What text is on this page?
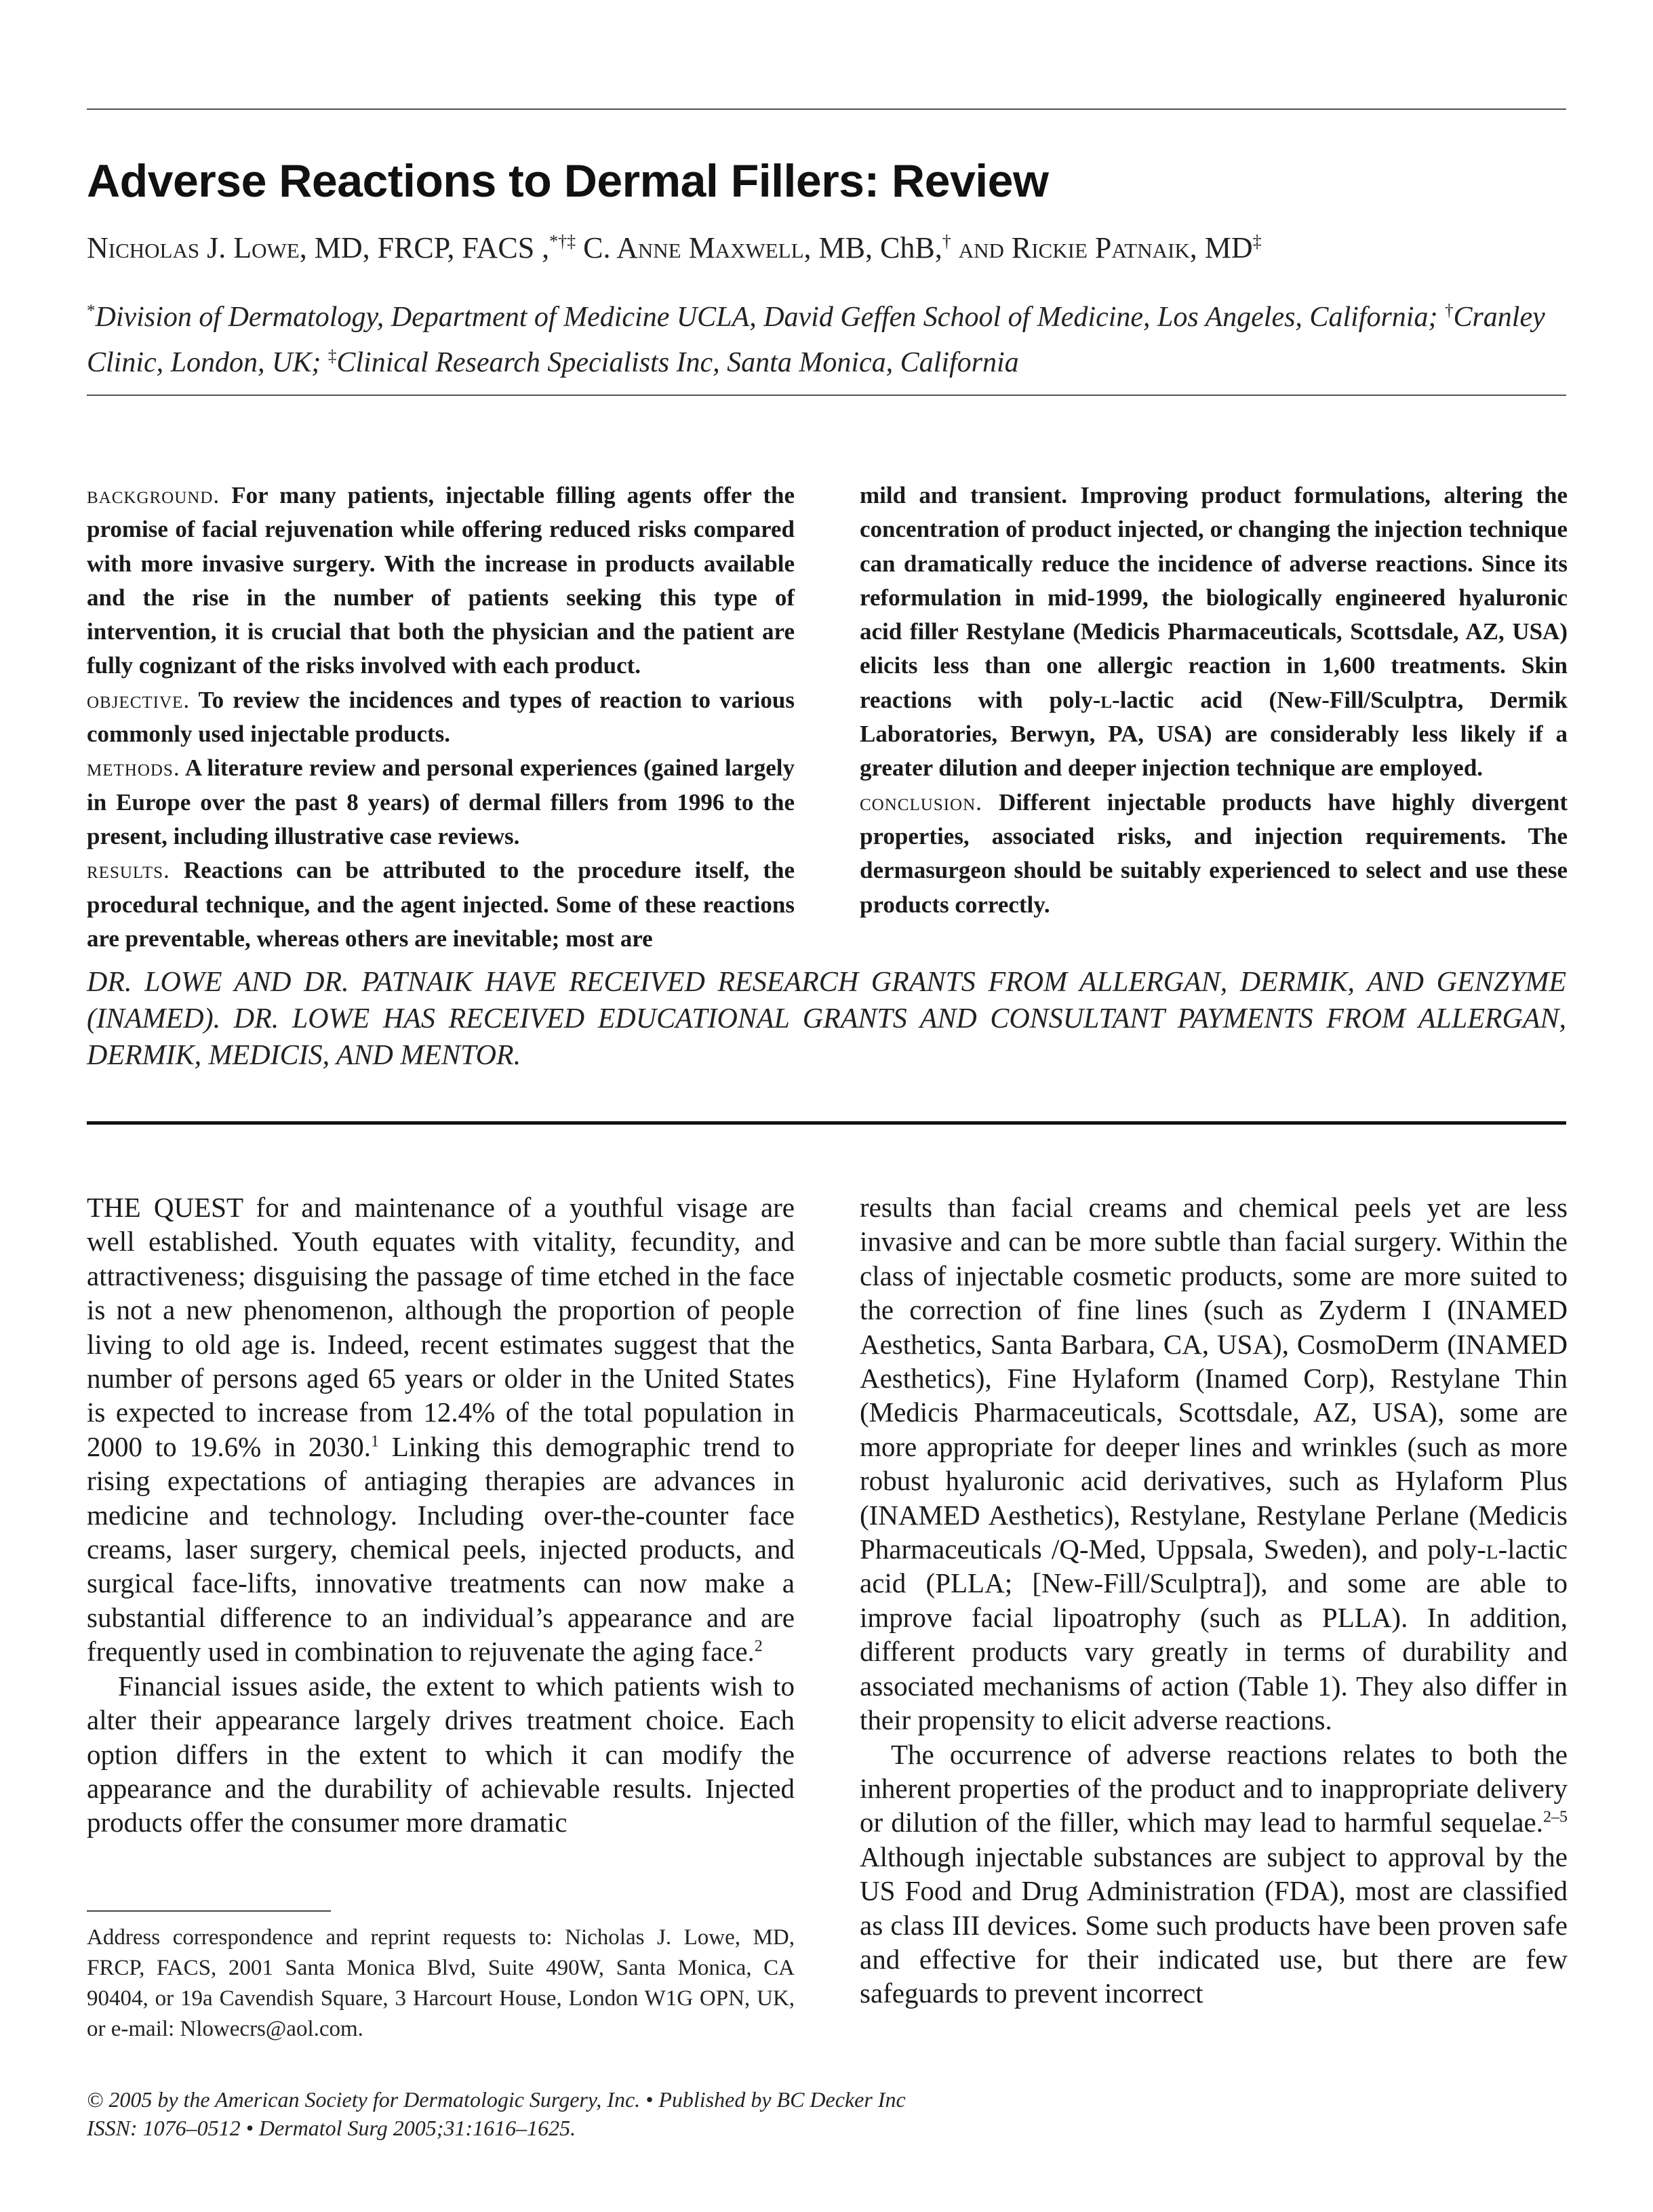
Adverse Reactions to Dermal Fillers: Review

Nicholas J. Lowe, MD, FRCP, FACS ,*†‡ C. Anne Maxwell, MB, ChB,† and Rickie Patnaik, MD‡

*Division of Dermatology, Department of Medicine UCLA, David Geffen School of Medicine, Los Angeles, California; †Cranley Clinic, London, UK; ‡Clinical Research Specialists Inc, Santa Monica, California

background. For many patients, injectable filling agents offer the promise of facial rejuvenation while offering reduced risks compared with more invasive surgery. With the increase in products available and the rise in the number of patients seeking this type of intervention, it is crucial that both the physician and the patient are fully cognizant of the risks involved with each product.

objective. To review the incidences and types of reaction to various commonly used injectable products.

methods. A literature review and personal experiences (gained largely in Europe over the past 8 years) of dermal fillers from 1996 to the present, including illustrative case reviews.

results. Reactions can be attributed to the procedure itself, the procedural technique, and the agent injected. Some of these reactions are preventable, whereas others are inevitable; most are

mild and transient. Improving product formulations, altering the concentration of product injected, or changing the injection technique can dramatically reduce the incidence of adverse reactions. Since its reformulation in mid-1999, the biologically engineered hyaluronic acid filler Restylane (Medicis Pharmaceuticals, Scottsdale, AZ, USA) elicits less than one allergic reaction in 1,600 treatments. Skin reactions with poly-l-lactic acid (New-Fill/Sculptra, Dermik Laboratories, Berwyn, PA, USA) are considerably less likely if a greater dilution and deeper injection technique are employed.

conclusion. Different injectable products have highly divergent properties, associated risks, and injection requirements. The dermasurgeon should be suitably experienced to select and use these products correctly.

DR. LOWE AND DR. PATNAIK HAVE RECEIVED RESEARCH GRANTS FROM ALLERGAN, DERMIK, AND GENZYME (INAMED). DR. LOWE HAS RECEIVED EDUCATIONAL GRANTS AND CONSULTANT PAYMENTS FROM ALLERGAN, DERMIK, MEDICIS, AND MENTOR.

THE QUEST for and maintenance of a youthful visage are well established. Youth equates with vitality, fecundity, and attractiveness; disguising the passage of time etched in the face is not a new phenomenon, although the proportion of people living to old age is. Indeed, recent estimates suggest that the number of persons aged 65 years or older in the United States is expected to increase from 12.4% of the total population in 2000 to 19.6% in 2030.$^1$ Linking this demographic trend to rising expectations of antiaging therapies are advances in medicine and technology. Including over-the-counter face creams, laser surgery, chemical peels, injected products, and surgical face-lifts, innovative treatments can now make a substantial difference to an individual’s appearance and are frequently used in combination to rejuvenate the aging face.$^2$

Financial issues aside, the extent to which patients wish to alter their appearance largely drives treatment choice. Each option differs in the extent to which it can modify the appearance and the durability of achievable results. Injected products offer the consumer more dramatic

results than facial creams and chemical peels yet are less invasive and can be more subtle than facial surgery. Within the class of injectable cosmetic products, some are more suited to the correction of fine lines (such as Zyderm I (INAMED Aesthetics, Santa Barbara, CA, USA), CosmoDerm (INAMED Aesthetics), Fine Hylaform (Inamed Corp), Restylane Thin (Medicis Pharmaceuticals, Scottsdale, AZ, USA), some are more appropriate for deeper lines and wrinkles (such as more robust hyaluronic acid derivatives, such as Hylaform Plus (INAMED Aesthetics), Restylane, Restylane Perlane (Medicis Pharmaceuticals /Q-Med, Uppsala, Sweden), and poly-l-lactic acid (PLLA; [New-Fill/Sculptra]), and some are able to improve facial lipoatrophy (such as PLLA). In addition, different products vary greatly in terms of durability and associated mechanisms of action (Table 1). They also differ in their propensity to elicit adverse reactions.

The occurrence of adverse reactions relates to both the inherent properties of the product and to inappropriate delivery or dilution of the filler, which may lead to harmful sequelae.$^{2-5}$ Although injectable substances are subject to approval by the US Food and Drug Administration (FDA), most are classified as class III devices. Some such products have been proven safe and effective for their indicated use, but there are few safeguards to prevent incorrect

Address correspondence and reprint requests to: Nicholas J. Lowe, MD, FRCP, FACS, 2001 Santa Monica Blvd, Suite 490W, Santa Monica, CA 90404, or 19a Cavendish Square, 3 Harcourt House, London W1G OPN, UK, or e-mail: Nlowecrs@aol.com.

© 2005 by the American Society for Dermatologic Surgery, Inc. • Published by BC Decker Inc
ISSN: 1076–0512 • Dermatol Surg 2005;31:1616–1625.
